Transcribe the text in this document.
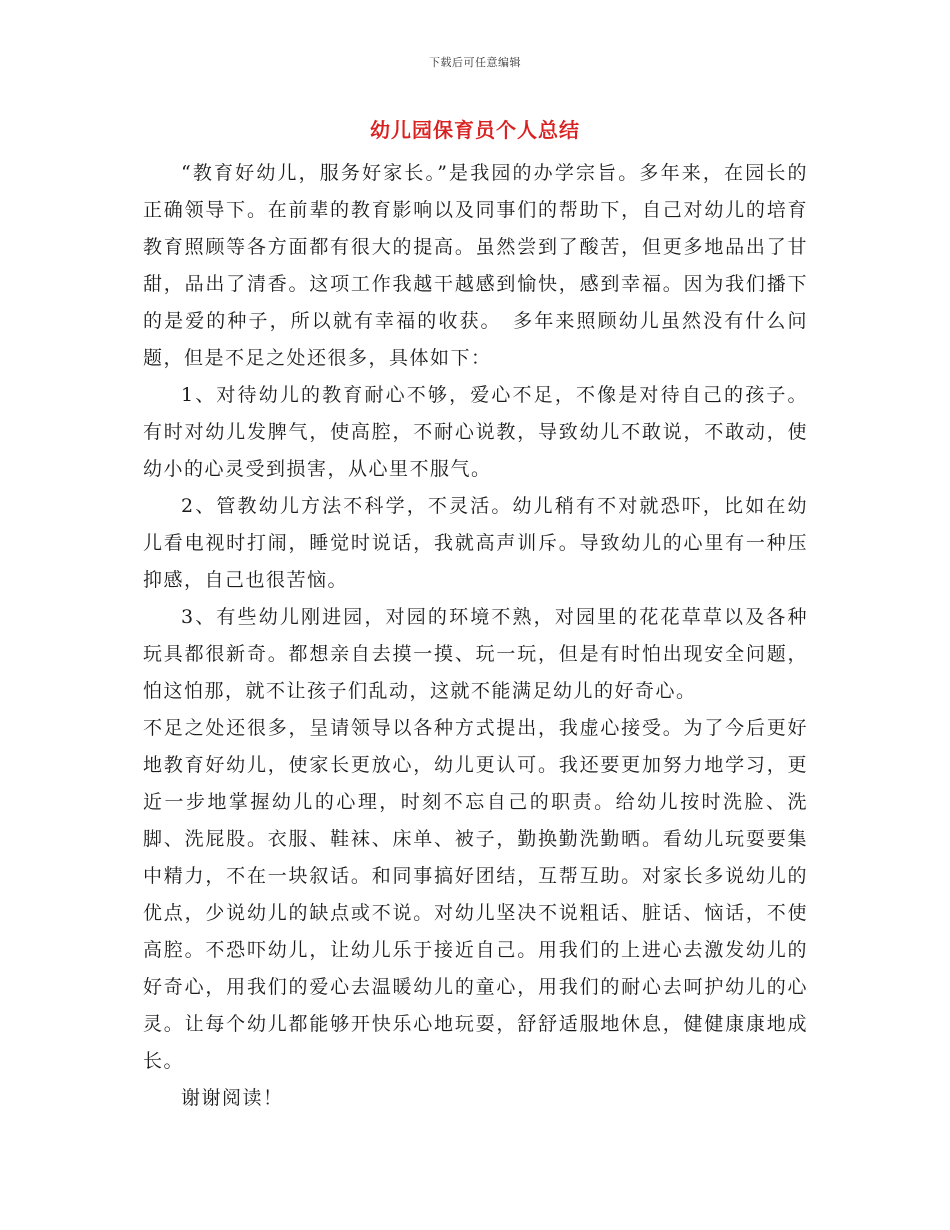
下载后可任意编辑
幼儿园保育员个人总结

“教育好幼儿，服务好家长。”是我园的办学宗旨。多年来，在园长的正确领导下。在前辈的教育影响以及同事们的帮助下，自己对幼儿的培育教育照顾等各方面都有很大的提高。虽然尝到了酸苦，但更多地品出了甘甜，品出了清香。这项工作我越干越感到愉快，感到幸福。因为我们播下的是爱的种子，所以就有幸福的收获。　多年来照顾幼儿虽然没有什么问题，但是不足之处还很多，具体如下：

1、对待幼儿的教育耐心不够，爱心不足，不像是对待自己的孩子。有时对幼儿发脾气，使高腔，不耐心说教，导致幼儿不敢说，不敢动，使幼小的心灵受到损害，从心里不服气。

2、管教幼儿方法不科学，不灵活。幼儿稍有不对就恐吓，比如在幼儿看电视时打闹，睡觉时说话，我就高声训斥。导致幼儿的心里有一种压抑感，自己也很苦恼。

3、有些幼儿刚进园，对园的环境不熟，对园里的花花草草以及各种玩具都很新奇。都想亲自去摸一摸、玩一玩，但是有时怕出现安全问题，怕这怕那，就不让孩子们乱动，这就不能满足幼儿的好奇心。

不足之处还很多，呈请领导以各种方式提出，我虚心接受。为了今后更好地教育好幼儿，使家长更放心，幼儿更认可。我还要更加努力地学习，更近一步地掌握幼儿的心理，时刻不忘自己的职责。给幼儿按时洗脸、洗脚、洗屁股。衣服、鞋袜、床单、被子，勤换勤洗勤晒。看幼儿玩耍要集中精力，不在一块叙话。和同事搞好团结，互帮互助。对家长多说幼儿的优点，少说幼儿的缺点或不说。对幼儿坚决不说粗话、脏话、恼话，不使高腔。不恐吓幼儿，让幼儿乐于接近自己。用我们的上进心去激发幼儿的好奇心，用我们的爱心去温暖幼儿的童心，用我们的耐心去呵护幼儿的心灵。让每个幼儿都能够开快乐心地玩耍，舒舒适服地休息，健健康康地成长。

谢谢阅读！
